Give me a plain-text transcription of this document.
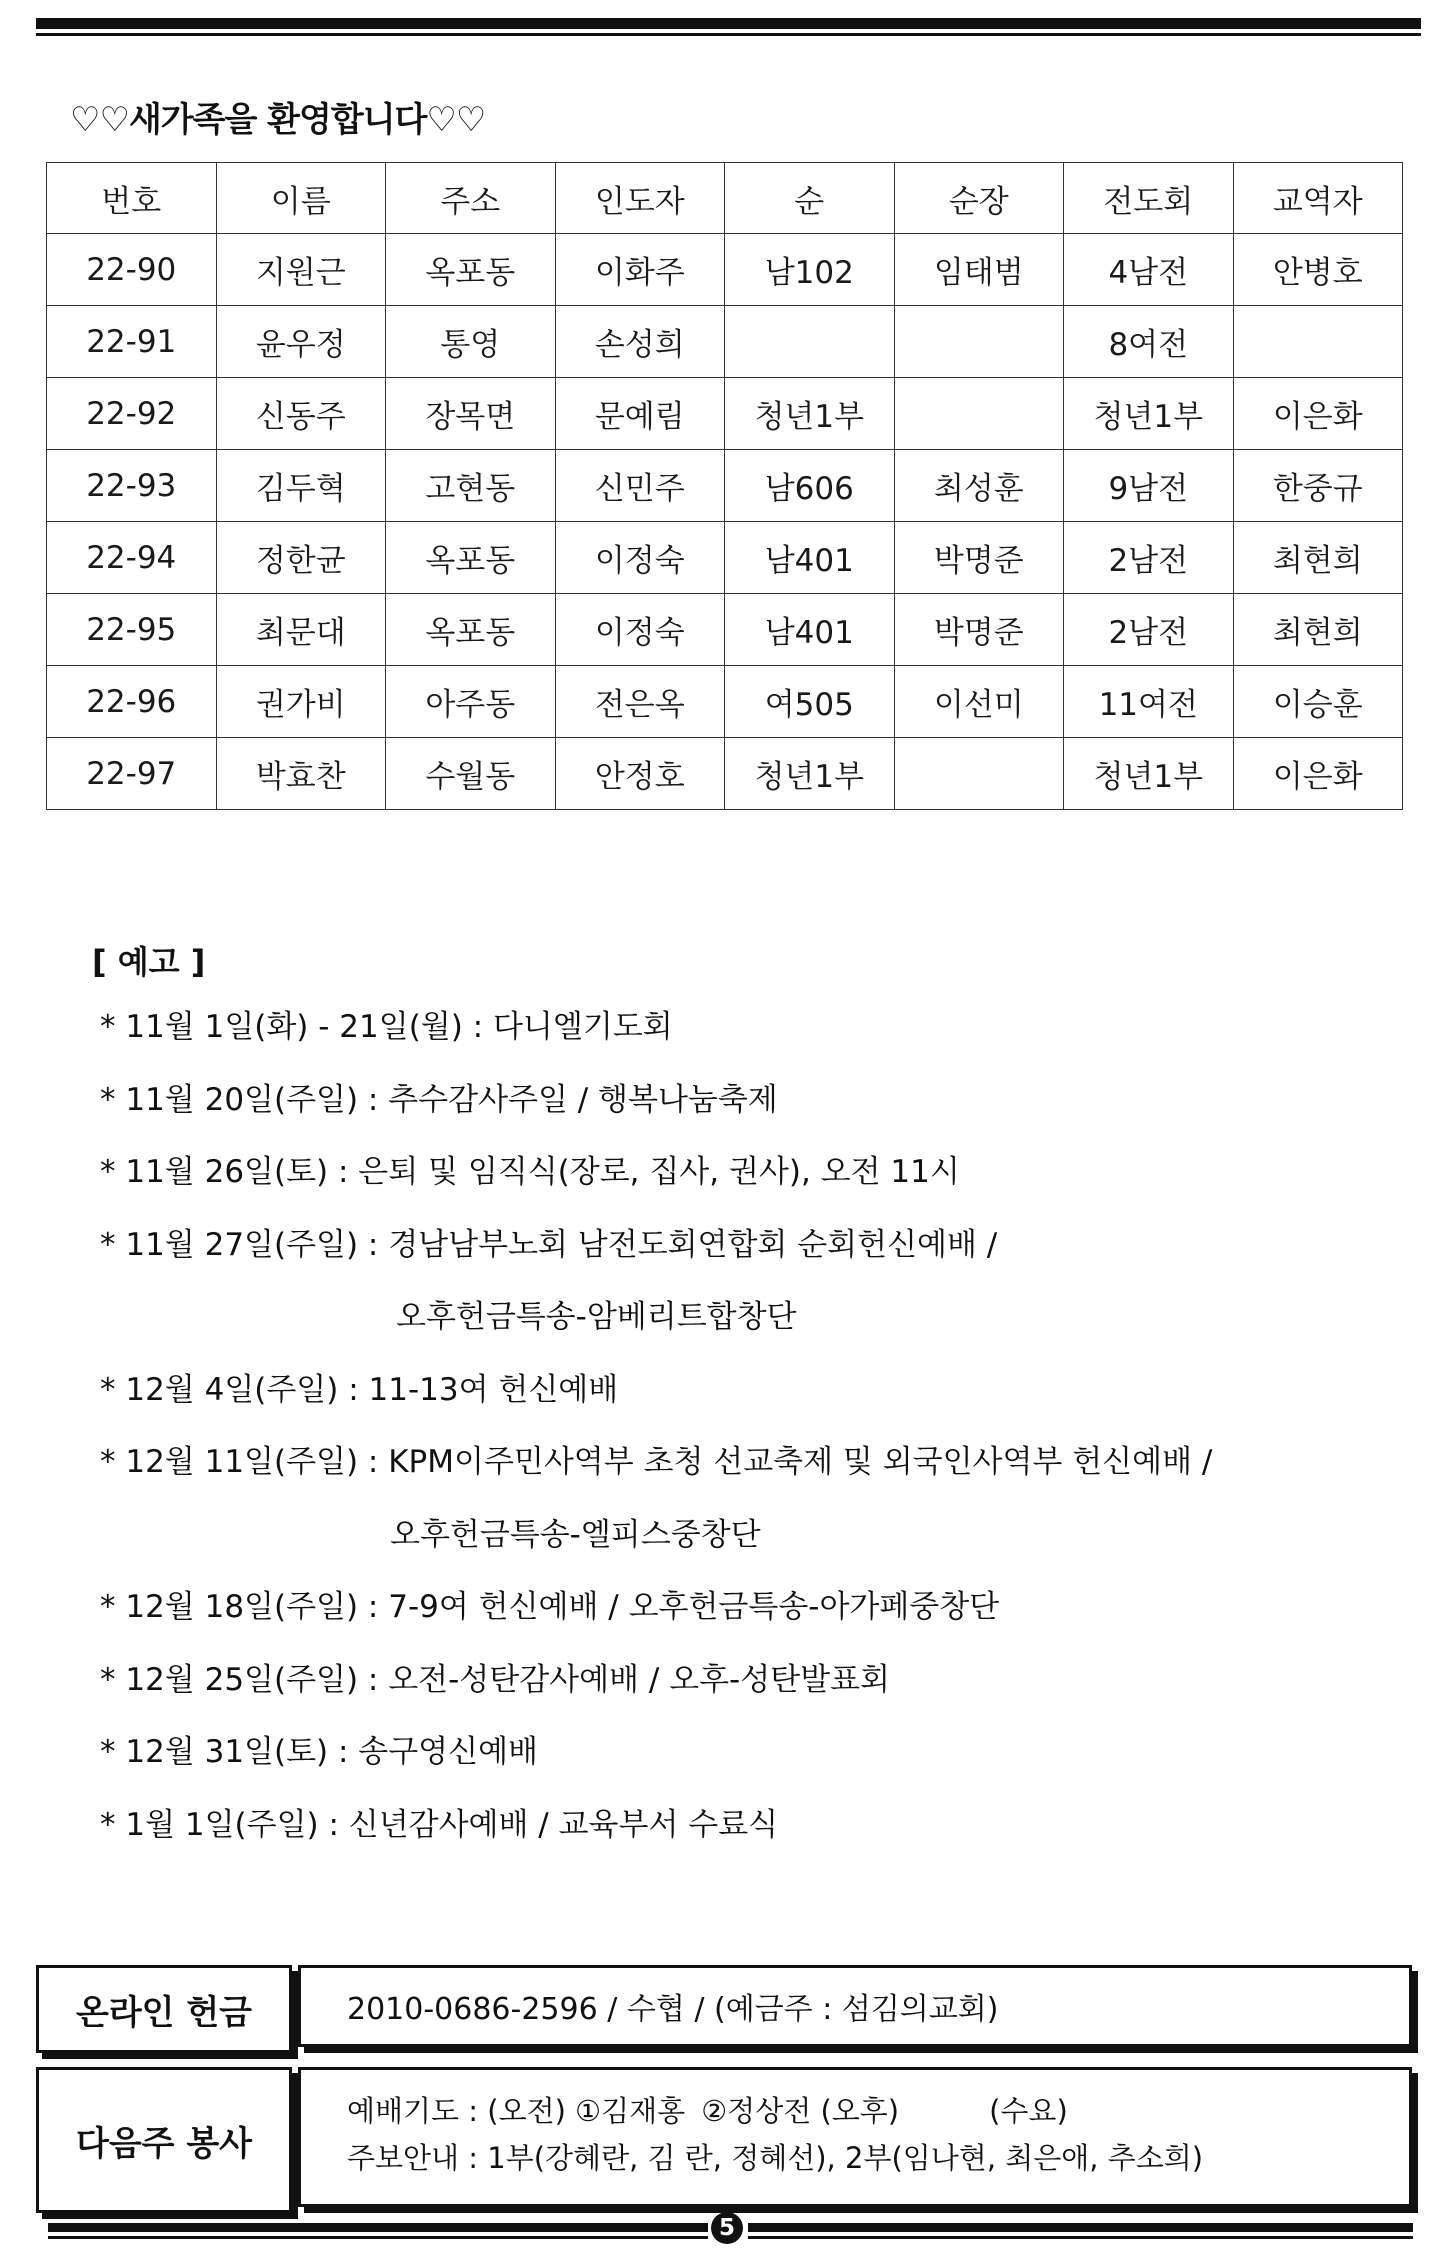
♡♡새가족을 환영합니다♡♡
번호	이름	주소	인도자	순	순장	전도회	교역자
22-90	지원근	옥포동	이화주	남102	임태범	4남전	안병호
22-91	윤우정	통영	손성희			8여전	
22-92	신동주	장목면	문예림	청년1부		청년1부	이은화
22-93	김두혁	고현동	신민주	남606	최성훈	9남전	한중규
22-94	정한균	옥포동	이정숙	남401	박명준	2남전	최현희
22-95	최문대	옥포동	이정숙	남401	박명준	2남전	최현희
22-96	권가비	아주동	전은옥	여505	이선미	11여전	이승훈
22-97	박효찬	수월동	안정호	청년1부		청년1부	이은화
[ 예고 ]
* 11월 1일(화) - 21일(월) : 다니엘기도회
* 11월 20일(주일) : 추수감사주일 / 행복나눔축제
* 11월 26일(토) : 은퇴 및 임직식(장로, 집사, 권사), 오전 11시
* 11월 27일(주일) : 경남남부노회 남전도회연합회 순회헌신예배 /
오후헌금특송-암베리트합창단
* 12월 4일(주일) : 11-13여 헌신예배
* 12월 11일(주일) : KPM이주민사역부 초청 선교축제 및 외국인사역부 헌신예배 /
오후헌금특송-엘피스중창단
* 12월 18일(주일) : 7-9여 헌신예배 / 오후헌금특송-아가페중창단
* 12월 25일(주일) : 오전-성탄감사예배 / 오후-성탄발표회
* 12월 31일(토) : 송구영신예배
* 1월 1일(주일) : 신년감사예배 / 교육부서 수료식
온라인 헌금	2010-0686-2596 / 수협 / (예금주 : 섬김의교회)
다음주 봉사
예배기도 : (오전) ①김재홍 ②정상전 (오후)	(수요)
주보안내 : 1부(강혜란, 김 란, 정혜선), 2부(임나현, 최은애, 추소희)
5
